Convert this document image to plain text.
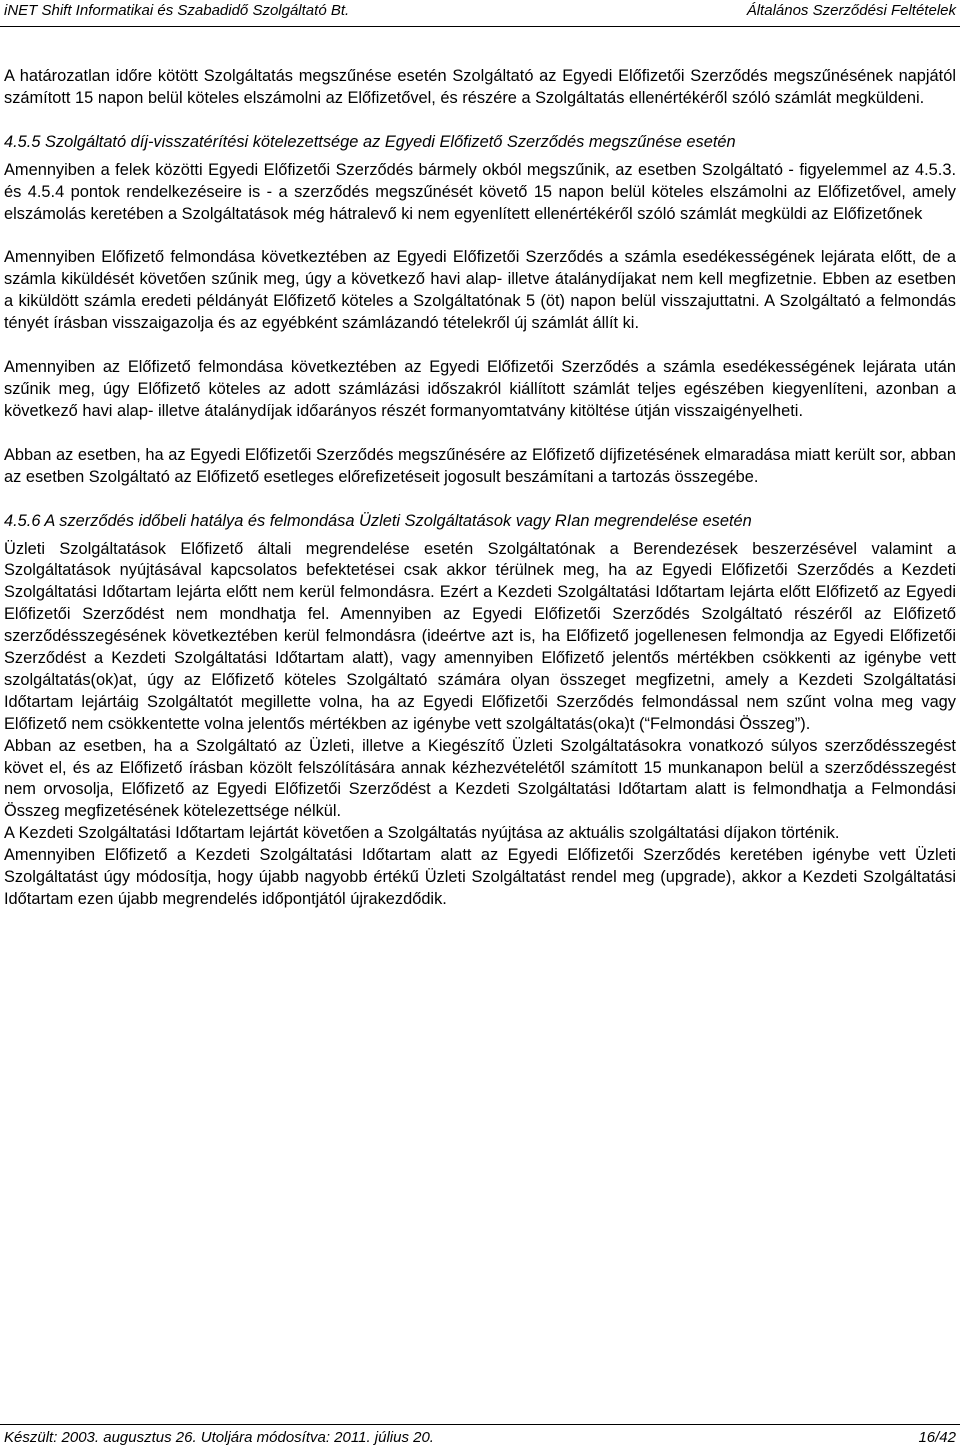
iNET Shift Informatikai és Szabadidő Szolgáltató Bt.	Általános Szerződési Feltételek

A határozatlan időre kötött Szolgáltatás megszűnése esetén Szolgáltató az Egyedi Előfizetői Szerződés megszűnésének napjától számított 15 napon belül köteles elszámolni az Előfizetővel, és részére a Szolgáltatás ellenértékéről szóló számlát megküldeni.

4.5.5 Szolgáltató díj-visszatérítési kötelezettsége az Egyedi Előfizető Szerződés megszűnése esetén

Amennyiben a felek közötti Egyedi Előfizetői Szerződés bármely okból megszűnik, az esetben Szolgáltató - figyelemmel az 4.5.3. és 4.5.4 pontok rendelkezéseire is - a szerződés megszűnését követő 15 napon belül köteles elszámolni az Előfizetővel, amely elszámolás keretében a Szolgáltatások még hátralevő ki nem egyenlített ellenértékéről szóló számlát megküldi az Előfizetőnek

Amennyiben Előfizető felmondása következtében az Egyedi Előfizetői Szerződés a számla esedékességének lejárata előtt, de a számla kiküldését követően szűnik meg, úgy a következő havi alap- illetve átalánydíjakat nem kell megfizetnie. Ebben az esetben a kiküldött számla eredeti példányát Előfizető köteles a Szolgáltatónak 5 (öt) napon belül visszajuttatni. A Szolgáltató a felmondás tényét írásban visszaigazolja és az egyébként számlázandó tételekről új számlát állít ki.

Amennyiben az Előfizető felmondása következtében az Egyedi Előfizetői Szerződés a számla esedékességének lejárata után szűnik meg, úgy Előfizető köteles az adott számlázási időszakról kiállított számlát teljes egészében kiegyenlíteni, azonban a következő havi alap- illetve átalánydíjak időarányos részét formanyomtatvány kitöltése útján visszaigényelheti.

Abban az esetben, ha az Egyedi Előfizetői Szerződés megszűnésére az Előfizető díjfizetésének elmaradása miatt került sor, abban az esetben Szolgáltató az Előfizető esetleges előrefizetéseit jogosult beszámítani a tartozás összegébe.

4.5.6 A szerződés időbeli hatálya és felmondása Üzleti Szolgáltatások vagy RIan megrendelése esetén

Üzleti Szolgáltatások Előfizető általi megrendelése esetén Szolgáltatónak a Berendezések beszerzésével valamint a Szolgáltatások nyújtásával kapcsolatos befektetései csak akkor térülnek meg, ha az Egyedi Előfizetői Szerződés a Kezdeti Szolgáltatási Időtartam lejárta előtt nem kerül felmondásra. Ezért a Kezdeti Szolgáltatási Időtartam lejárta előtt Előfizető az Egyedi Előfizetői Szerződést nem mondhatja fel. Amennyiben az Egyedi Előfizetői Szerződés Szolgáltató részéről az Előfizető szerződésszegésének következtében kerül felmondásra (ideértve azt is, ha Előfizető jogellenesen felmondja az Egyedi Előfizetői Szerződést a Kezdeti Szolgáltatási Időtartam alatt), vagy amennyiben Előfizető jelentős mértékben csökkenti az igénybe vett szolgáltatás(ok)at, úgy az Előfizető köteles Szolgáltató számára olyan összeget megfizetni, amely a Kezdeti Szolgáltatási Időtartam lejártáig Szolgáltatót megillette volna, ha az Egyedi Előfizetői Szerződés felmondással nem szűnt volna meg vagy Előfizető nem csökkentette volna jelentős mértékben az igénybe vett szolgáltatás(oka)t (“Felmondási Összeg”).

Abban az esetben, ha a Szolgáltató az Üzleti, illetve a Kiegészítő Üzleti Szolgáltatásokra vonatkozó súlyos szerződésszegést követ el, és az Előfizető írásban közölt felszólítására annak kézhezvételétől számított 15 munkanapon belül a szerződésszegést nem orvosolja, Előfizető az Egyedi Előfizetői Szerződést a Kezdeti Szolgáltatási Időtartam alatt is felmondhatja a Felmondási Összeg megfizetésének kötelezettsége nélkül.

A Kezdeti Szolgáltatási Időtartam lejártát követően a Szolgáltatás nyújtása az aktuális szolgáltatási díjakon történik.

Amennyiben Előfizető a Kezdeti Szolgáltatási Időtartam alatt az Egyedi Előfizetői Szerződés keretében igénybe vett Üzleti Szolgáltatást úgy módosítja, hogy újabb nagyobb értékű Üzleti Szolgáltatást rendel meg (upgrade), akkor a Kezdeti Szolgáltatási Időtartam ezen újabb megrendelés időpontjától újrakezdődik.

Készült: 2003. augusztus 26. Utoljára módosítva: 2011. július 20.	16/42
